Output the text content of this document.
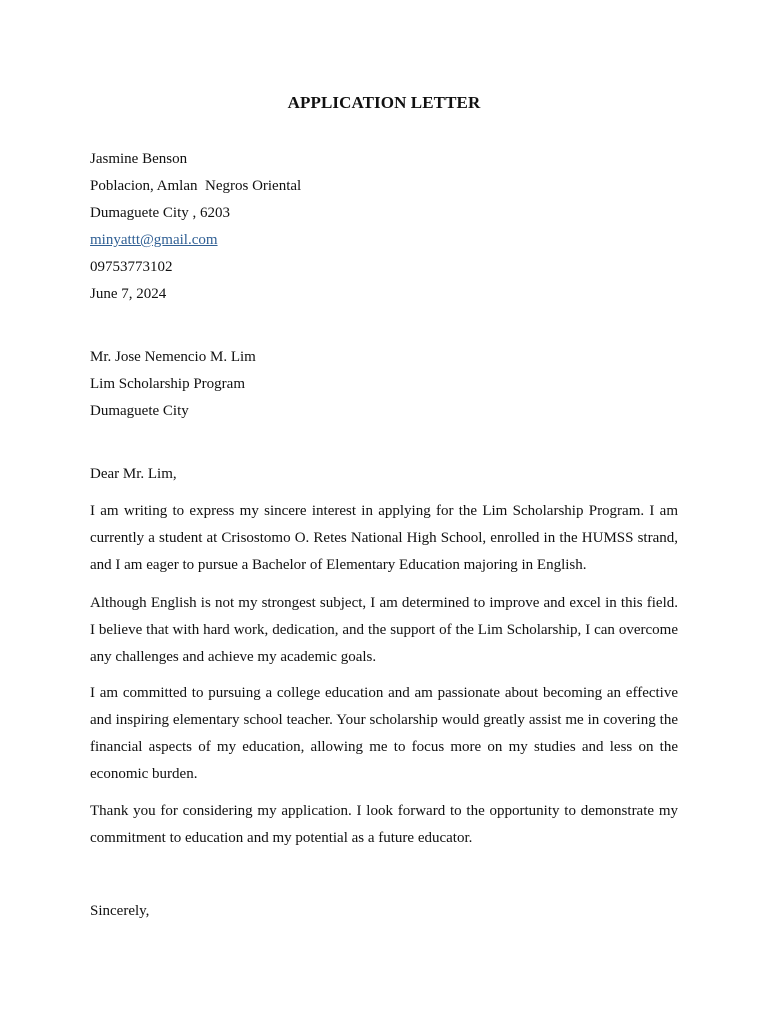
APPLICATION LETTER
Jasmine Benson
Poblacion, Amlan  Negros Oriental
Dumaguete City , 6203
minyattt@gmail.com
09753773102
June 7, 2024
Mr. Jose Nemencio M. Lim
Lim Scholarship Program
Dumaguete City
Dear Mr. Lim,

I am writing to express my sincere interest in applying for the Lim Scholarship Program. I am currently a student at Crisostomo O. Retes National High School, enrolled in the HUMSS strand, and I am eager to pursue a Bachelor of Elementary Education majoring in English.

Although English is not my strongest subject, I am determined to improve and excel in this field. I believe that with hard work, dedication, and the support of the Lim Scholarship, I can overcome any challenges and achieve my academic goals.

I am committed to pursuing a college education and am passionate about becoming an effective and inspiring elementary school teacher. Your scholarship would greatly assist me in covering the financial aspects of my education, allowing me to focus more on my studies and less on the economic burden.

Thank you for considering my application. I look forward to the opportunity to demonstrate my commitment to education and my potential as a future educator.

Sincerely,
